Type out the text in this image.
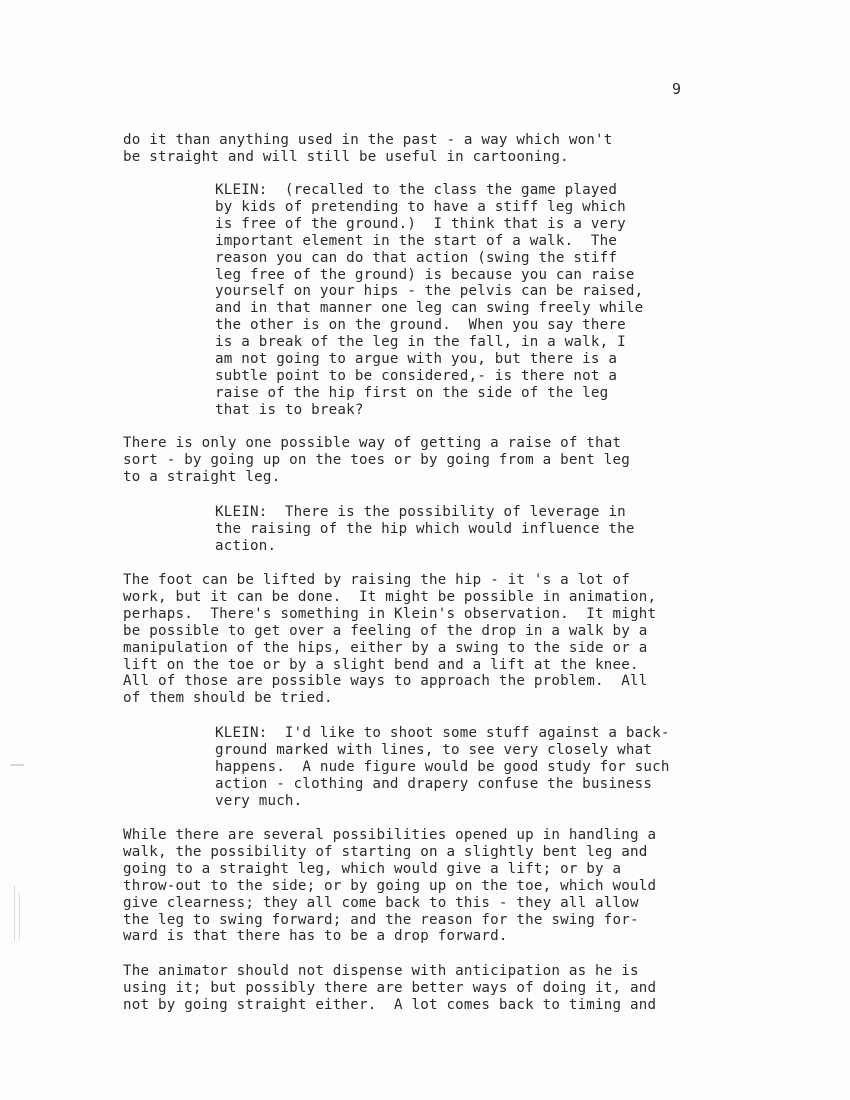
9
do it than anything used in the past - a way which won't
be straight and will still be useful in cartooning.
KLEIN:  (recalled to the class the game played
by kids of pretending to have a stiff leg which
is free of the ground.)  I think that is a very
important element in the start of a walk.  The
reason you can do that action (swing the stiff
leg free of the ground) is because you can raise
yourself on your hips - the pelvis can be raised,
and in that manner one leg can swing freely while
the other is on the ground.  When you say there
is a break of the leg in the fall, in a walk, I
am not going to argue with you, but there is a
subtle point to be considered,- is there not a
raise of the hip first on the side of the leg
that is to break?
There is only one possible way of getting a raise of that
sort - by going up on the toes or by going from a bent leg
to a straight leg.
KLEIN:  There is the possibility of leverage in
the raising of the hip which would influence the
action.
The foot can be lifted by raising the hip - it 's a lot of
work, but it can be done.  It might be possible in animation,
perhaps.  There's something in Klein's observation.  It might
be possible to get over a feeling of the drop in a walk by a
manipulation of the hips, either by a swing to the side or a
lift on the toe or by a slight bend and a lift at the knee.
All of those are possible ways to approach the problem.  All
of them should be tried.
KLEIN:  I'd like to shoot some stuff against a back-
ground marked with lines, to see very closely what
happens.  A nude figure would be good study for such
action - clothing and drapery confuse the business
very much.
While there are several possibilities opened up in handling a
walk, the possibility of starting on a slightly bent leg and
going to a straight leg, which would give a lift; or by a
throw-out to the side; or by going up on the toe, which would
give clearness; they all come back to this - they all allow
the leg to swing forward; and the reason for the swing for-
ward is that there has to be a drop forward.
The animator should not dispense with anticipation as he is
using it; but possibly there are better ways of doing it, and
not by going straight either.  A lot comes back to timing and
